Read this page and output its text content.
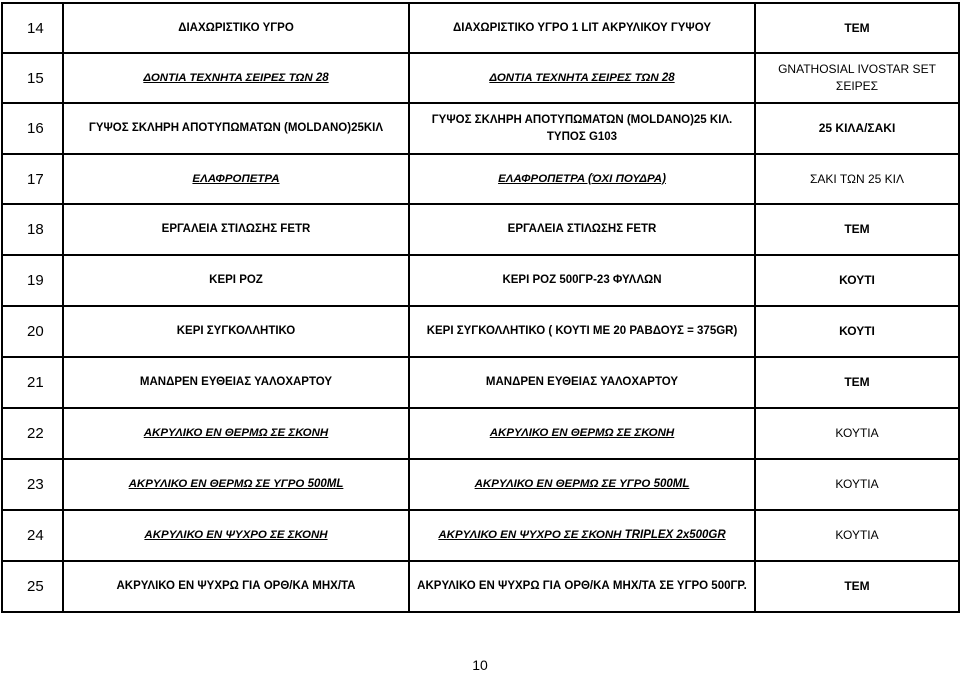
14	ΔΙΑΧΩΡΙΣΤΙΚΟ ΥΓΡΟ	ΔΙΑΧΩΡΙΣΤΙΚΟ ΥΓΡΟ 1 LIT ΑΚΡΥΛΙΚΟΥ ΓΥΨΟΥ	ΤΕΜ
15	ΔΟΝΤΙΑ ΤΕΧΝΗΤΑ ΣΕΙΡΕΣ ΤΩΝ 28	ΔΟΝΤΙΑ ΤΕΧΝΗΤΑ ΣΕΙΡΕΣ ΤΩΝ 28	GNATHOSIAL IVOSTAR SET ΣΕΙΡΕΣ
16	ΓΥΨΟΣ ΣΚΛΗΡΗ ΑΠΟΤΥΠΩΜΑΤΩΝ (MOLDANO)25ΚΙΛ	ΓΥΨΟΣ ΣΚΛΗΡΗ ΑΠΟΤΥΠΩΜΑΤΩΝ (MOLDANO)25 ΚΙΛ. ΤΥΠΟΣ G103	25 ΚΙΛΑ/ΣΑΚΙ
17	ΕΛΑΦΡΟΠΕΤΡΑ	ΕΛΑΦΡΟΠΕΤΡΑ (ΌΧΙ ΠΟΥΔΡΑ)	ΣΑΚΙ ΤΩΝ 25 ΚΙΛ
18	ΕΡΓΑΛΕΙΑ ΣΤΙΛΩΣΗΣ FETR	ΕΡΓΑΛΕΙΑ ΣΤΙΛΩΣΗΣ FETR	ΤΕΜ
19	ΚΕΡΙ ΡΟΖ	ΚΕΡΙ ΡΟΖ 500ΓΡ-23 ΦΥΛΛΩΝ	ΚΟΥΤΙ
20	ΚΕΡΙ ΣΥΓΚΟΛΛΗΤΙΚΟ	ΚΕΡΙ ΣΥΓΚΟΛΛΗΤΙΚΟ ( ΚΟΥΤΙ ΜΕ 20 ΡΑΒΔΟΥΣ = 375GR)	ΚΟΥΤΙ
21	ΜΑΝΔΡΕΝ ΕΥΘΕΙΑΣ ΥΑΛΟΧΑΡΤΟΥ	ΜΑΝΔΡΕΝ ΕΥΘΕΙΑΣ ΥΑΛΟΧΑΡΤΟΥ	ΤΕΜ
22	ΑΚΡΥΛΙΚΟ ΕΝ ΘΕΡΜΩ ΣΕ ΣΚΟΝΗ	ΑΚΡΥΛΙΚΟ ΕΝ ΘΕΡΜΩ ΣΕ ΣΚΟΝΗ	ΚΟΥΤΙΑ
23	ΑΚΡΥΛΙΚΟ ΕΝ ΘΕΡΜΩ ΣΕ ΥΓΡΟ 500ML	ΑΚΡΥΛΙΚΟ ΕΝ ΘΕΡΜΩ ΣΕ ΥΓΡΟ 500ML	ΚΟΥΤΙΑ
24	ΑΚΡΥΛΙΚΟ ΕΝ ΨΥΧΡΟ ΣΕ ΣΚΟΝΗ	ΑΚΡΥΛΙΚΟ ΕΝ ΨΥΧΡΟ ΣΕ ΣΚΟΝΗ TRIPLEX 2x500GR	ΚΟΥΤΙΑ
25	ΑΚΡΥΛΙΚΟ ΕΝ ΨΥΧΡΩ ΓΙΑ ΟΡΘ/ΚΑ ΜΗΧ/ΤΑ	ΑΚΡΥΛΙΚΟ ΕΝ ΨΥΧΡΩ ΓΙΑ ΟΡΘ/ΚΑ ΜΗΧ/ΤΑ ΣΕ ΥΓΡΟ 500ΓΡ.	ΤΕΜ
10
